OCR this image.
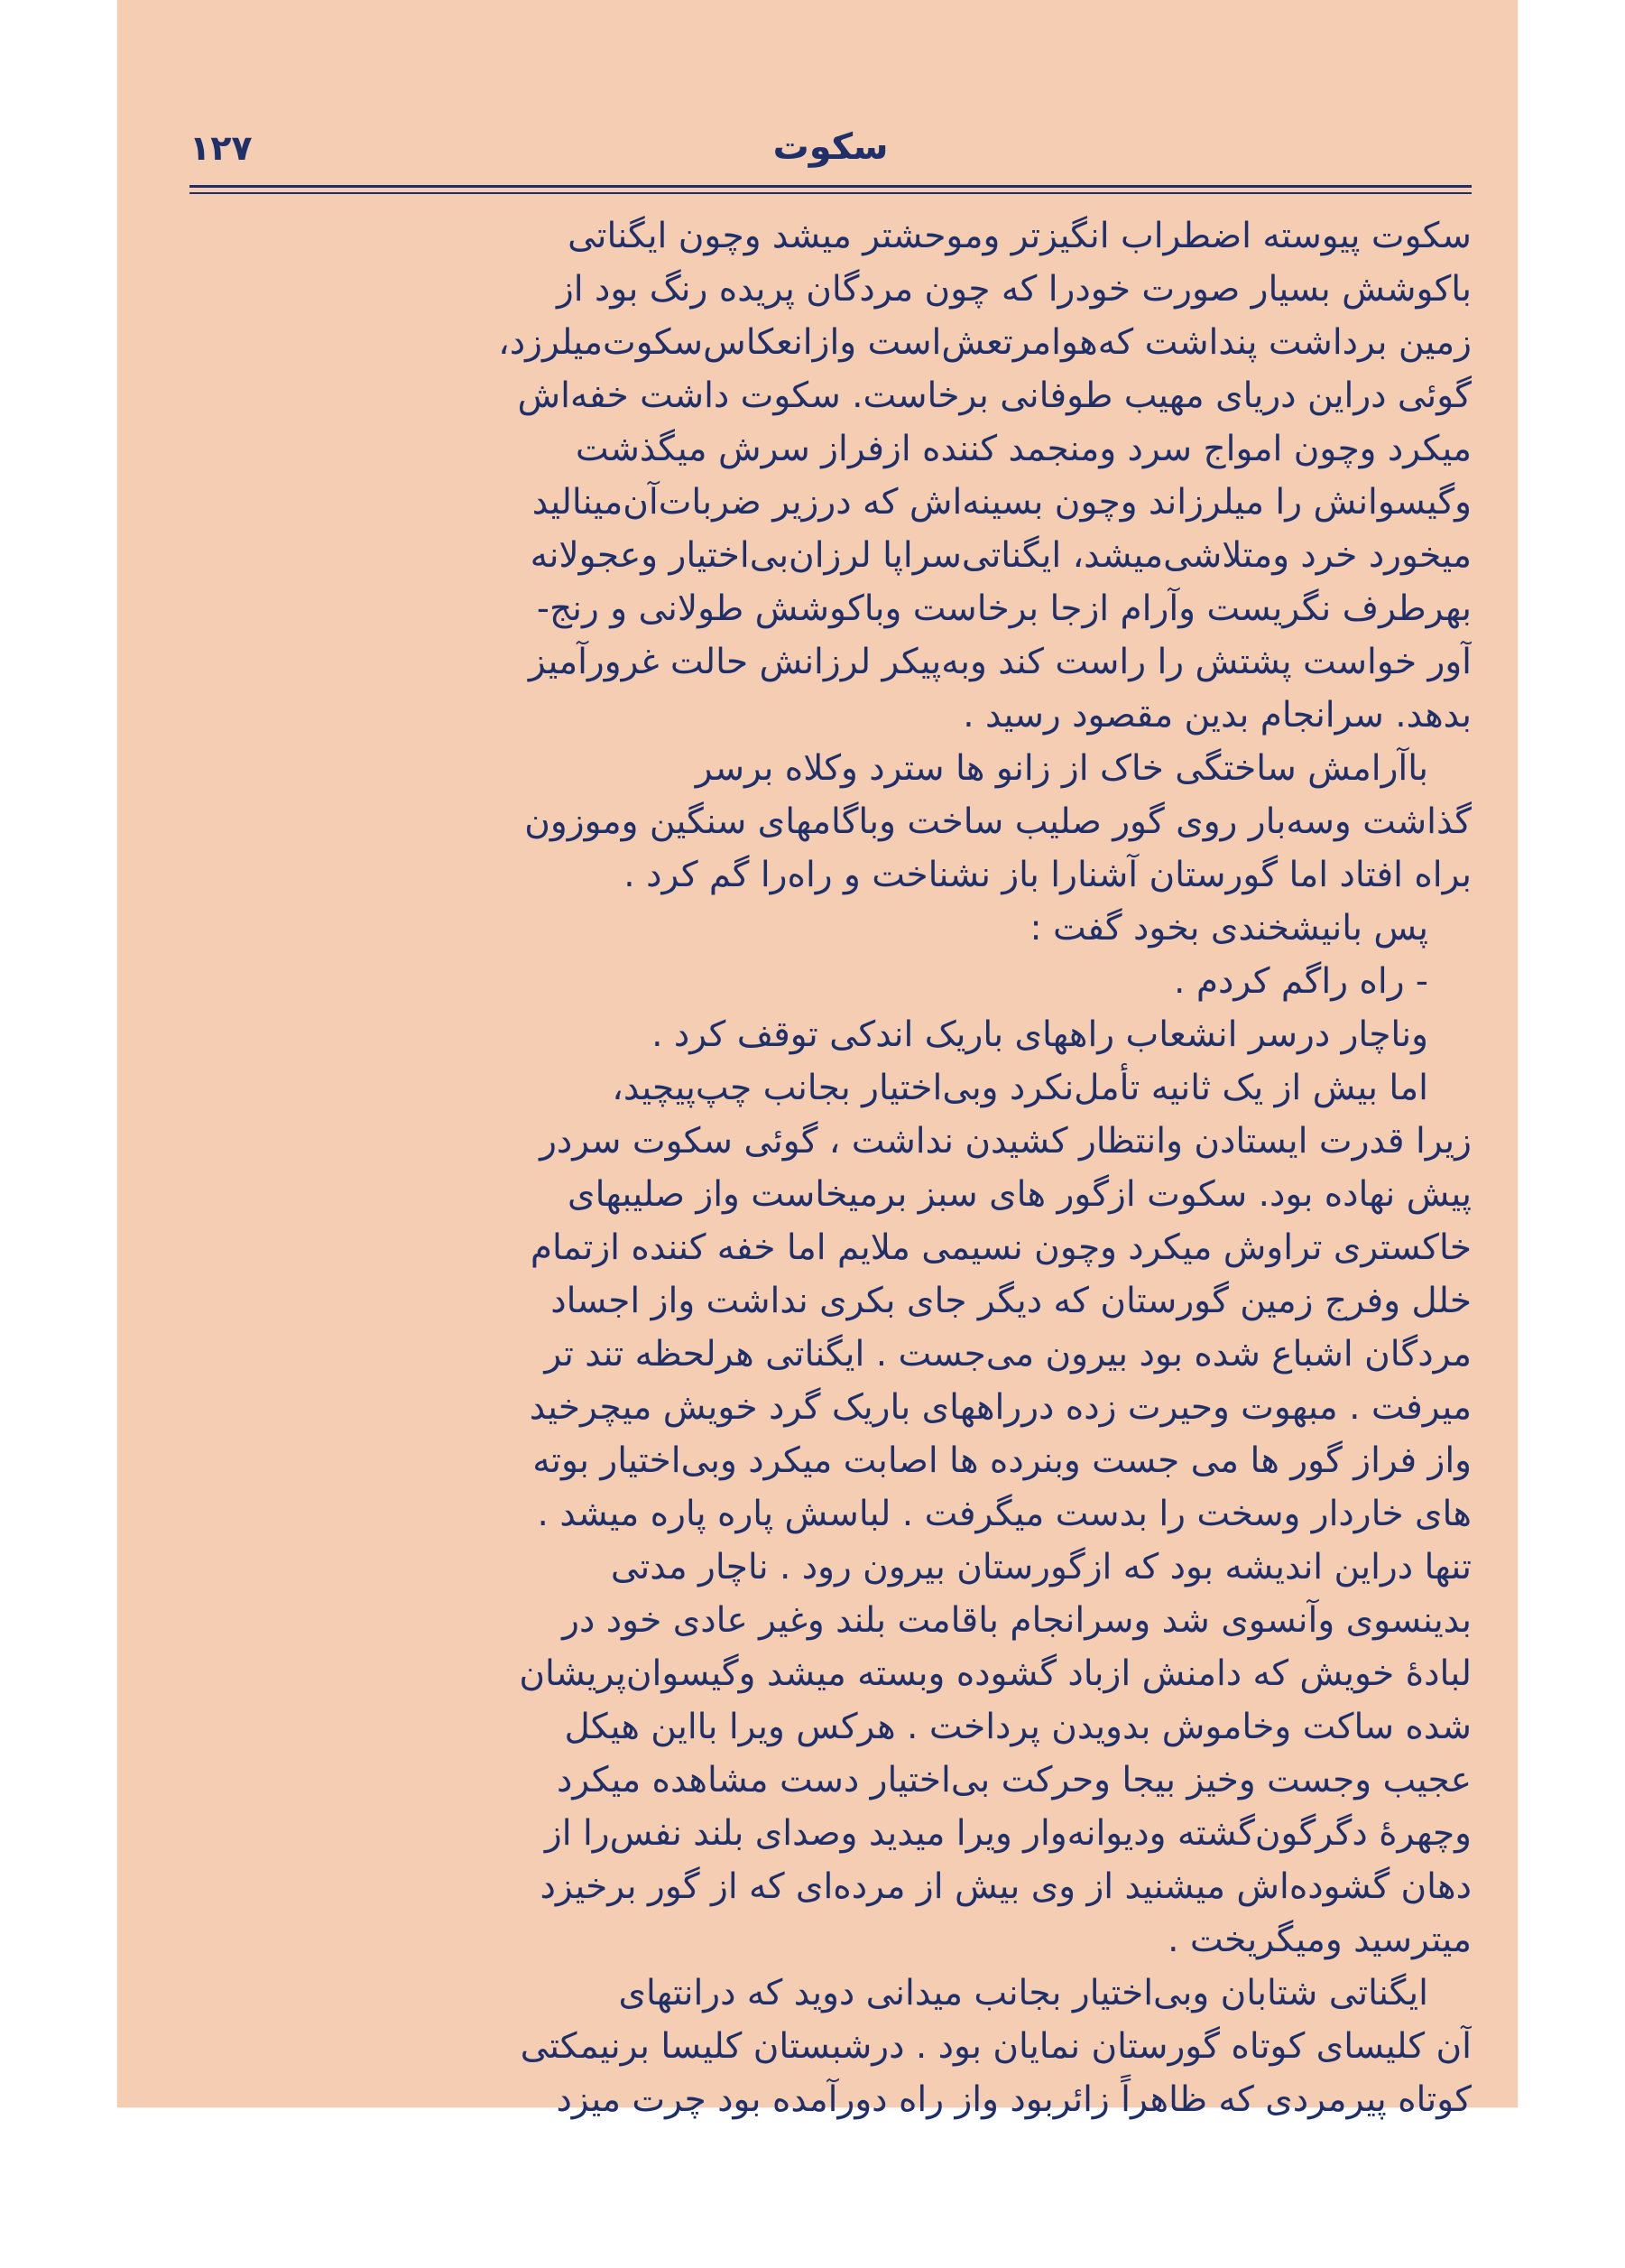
۱۲۷	سکوت
سکوت پیوسته اضطراب انگیزتر وموحشتر میشد وچون ایگناتی
باکوشش بسیار صورت خودرا که چون مردگان پریده رنگ بود از
زمین برداشت پنداشت که‌هوامرتعش‌است وازانعکاس‌سکوت‌میلرزد،
گوئی دراین دریای مهیب طوفانی برخاست. سکوت داشت خفه‌اش
میکرد وچون امواج سرد ومنجمد کننده ازفراز سرش میگذشت
وگیسوانش را میلرزاند وچون بسینه‌اش که درزیر ضربات‌آن‌مینالید
میخورد خرد ومتلاشی‌میشد، ایگناتی‌سراپا لرزان‌بی‌اختیار وعجولانه
بهرطرف نگریست وآرام ازجا برخاست وباکوشش طولانی و رنج-
آور خواست پشتش را راست کند وبه‌پیکر لرزانش حالت غرورآمیز
بدهد. سرانجام بدین مقصود رسید .
باآرامش ساختگی خاک از زانو ها سترد وکلاه برسر
گذاشت وسه‌بار روی گور صلیب ساخت وباگامهای سنگین وموزون
براه افتاد اما گورستان آشنارا باز نشناخت و راه‌را گم کرد .
پس بانیشخندی بخود گفت :
- راه راگم کردم .
وناچار درسر انشعاب راههای باریک اندکی توقف کرد .
اما بیش از یک ثانیه تأمل‌نکرد وبی‌اختیار بجانب چپ‌پیچید،
زیرا قدرت ایستادن وانتظار کشیدن نداشت ، گوئی سکوت سردر
پیش نهاده بود. سکوت ازگور های سبز برمیخاست واز صلیبهای
خاکستری تراوش میکرد وچون نسیمی ملایم اما خفه کننده ازتمام
خلل وفرج زمین گورستان که دیگر جای بکری نداشت واز اجساد
مردگان اشباع شده بود بیرون می‌جست . ایگناتی هرلحظه تند تر
میرفت . مبهوت وحیرت زده درراههای باریک گرد خویش میچرخید
واز فراز گور ها می جست وبنرده ها اصابت میکرد وبی‌اختیار بوته
های خاردار وسخت را بدست میگرفت . لباسش پاره پاره میشد .
تنها دراین اندیشه بود که ازگورستان بیرون رود . ناچار مدتی
بدینسوی وآنسوی شد وسرانجام باقامت بلند وغیر عادی خود در
لبادهٔ خویش که دامنش ازباد گشوده وبسته میشد وگیسوان‌پریشان
شده ساکت وخاموش بدویدن پرداخت . هرکس ویرا بااین هیکل
عجیب وجست وخیز بیجا وحرکت بی‌اختیار دست مشاهده میکرد
وچهرهٔ دگرگون‌گشته ودیوانه‌وار ویرا میدید وصدای بلند نفس‌را از
دهان گشوده‌اش میشنید از وی بیش از مرده‌ای که از گور برخیزد
میترسید ومیگریخت .
ایگناتی شتابان وبی‌اختیار بجانب میدانی دوید که درانتهای
آن کلیسای کوتاه گورستان نمایان بود . درشبستان کلیسا برنیمکتی
کوتاه پیرمردی که ظاهراً زائربود واز راه دورآمده بود چرت میزد
